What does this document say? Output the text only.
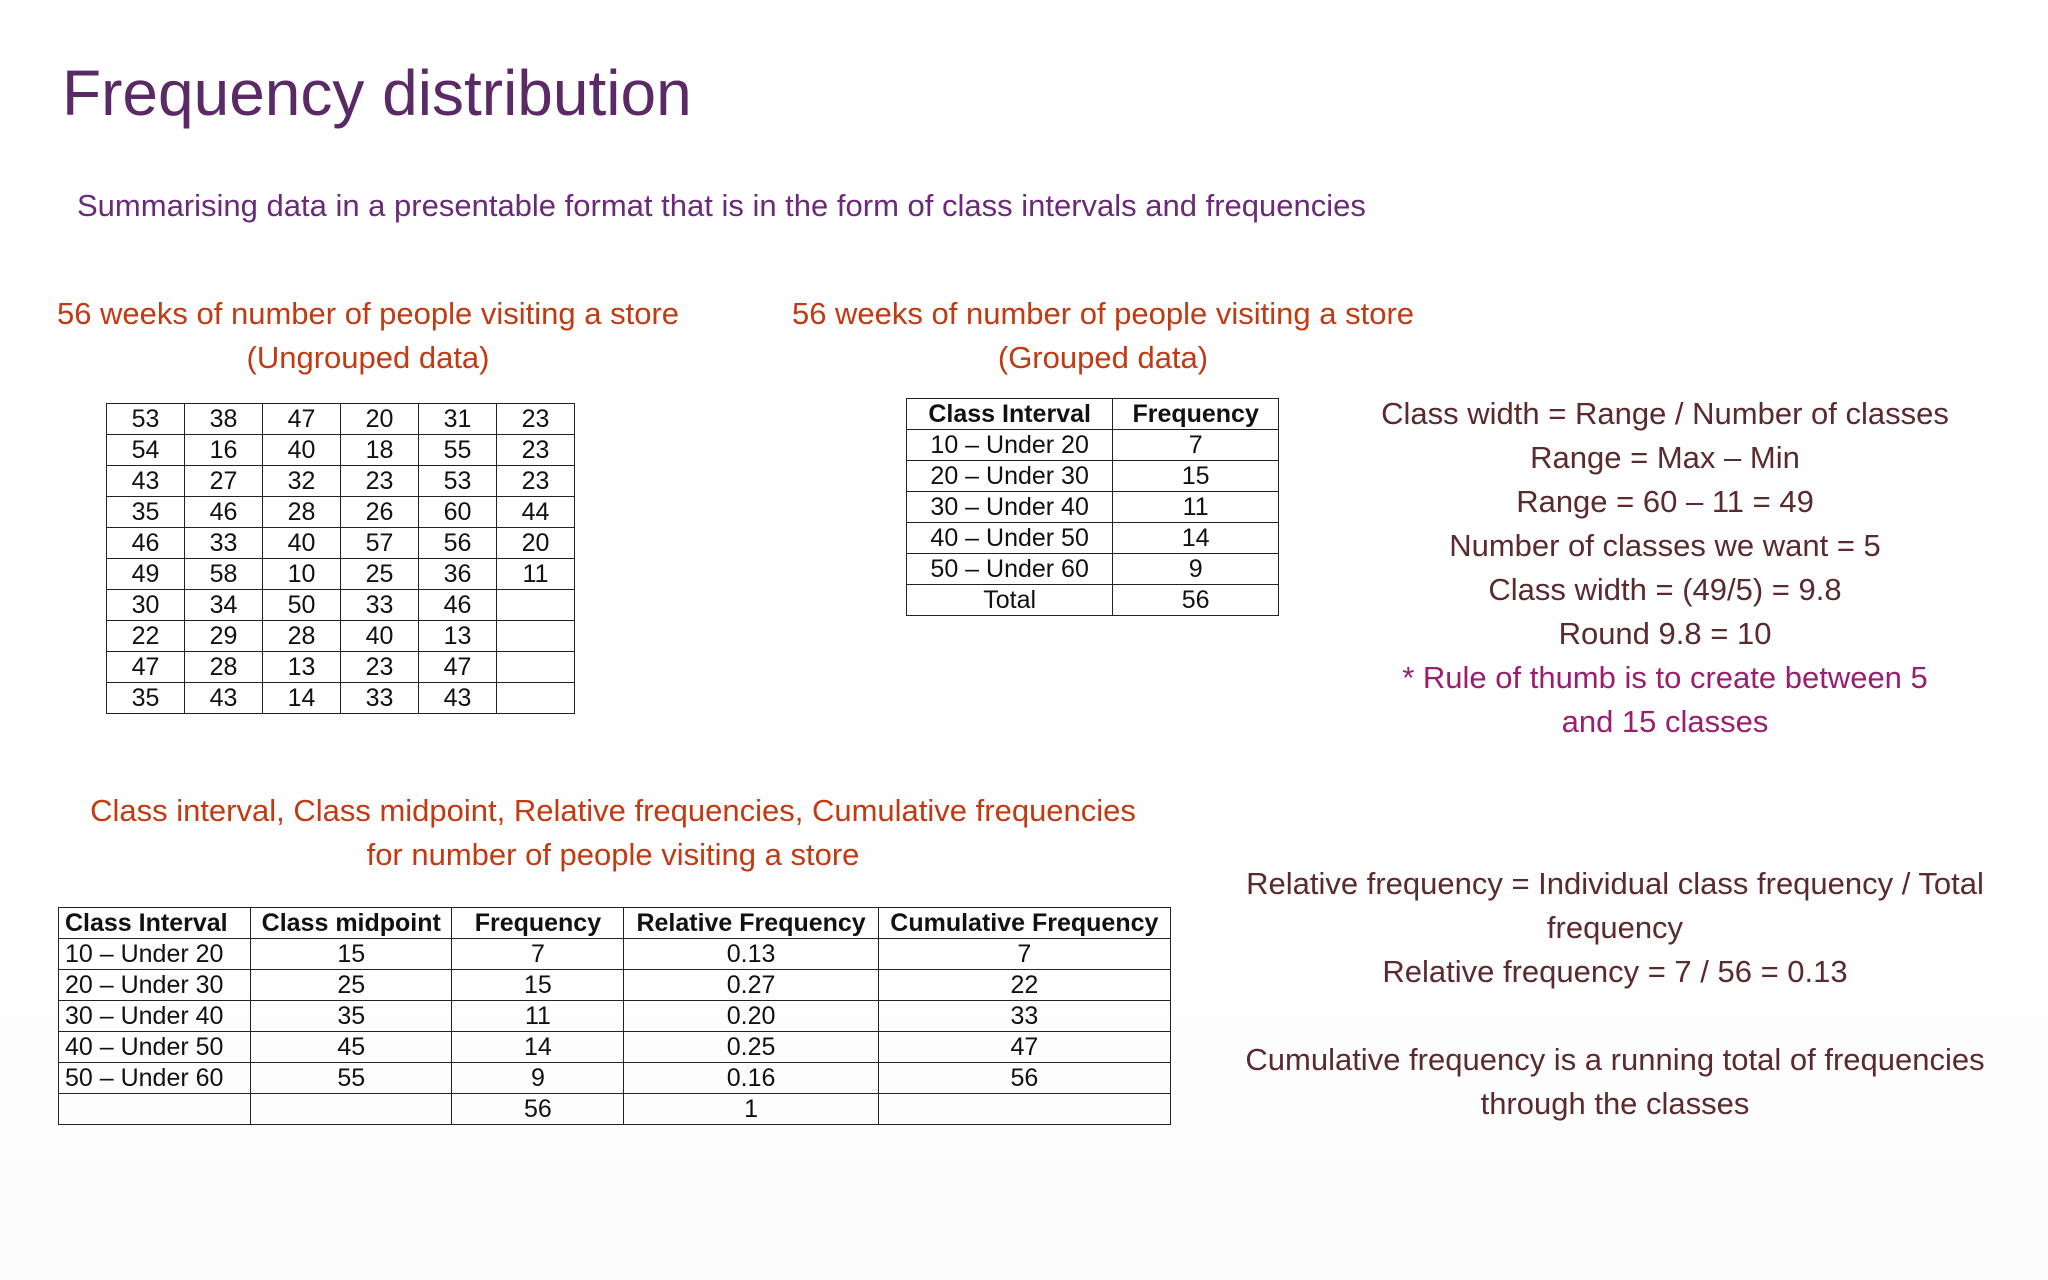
Frequency distribution
Summarising data in a presentable format that is in the form of class intervals and frequencies
56 weeks of number of people visiting a store
(Ungrouped data)
53	38	47	20	31	23
54	16	40	18	55	23
43	27	32	23	53	23
35	46	28	26	60	44
46	33	40	57	56	20
49	58	10	25	36	11
30	34	50	33	46	
22	29	28	40	13	
47	28	13	23	47	
35	43	14	33	43	
56 weeks of number of people visiting a store
(Grouped data)
Class Interval	Frequency
10 – Under 20	7
20 – Under 30	15
30 – Under 40	11
40 – Under 50	14
50 – Under 60	9
Total	56
Class width = Range / Number of classes
Range = Max – Min
Range = 60 – 11 = 49
Number of classes we want = 5
Class width = (49/5) = 9.8
Round 9.8 = 10
* Rule of thumb is to create between 5
and 15 classes
Class interval, Class midpoint, Relative frequencies, Cumulative frequencies
for number of people visiting a store
Class Interval	Class midpoint	Frequency	Relative Frequency	Cumulative Frequency
10 – Under 20	15	7	0.13	7
20 – Under 30	25	15	0.27	22
30 – Under 40	35	11	0.20	33
40 – Under 50	45	14	0.25	47
50 – Under 60	55	9	0.16	56
		56	1	
Relative frequency = Individual class frequency / Total
frequency
Relative frequency = 7 / 56 = 0.13
Cumulative frequency is a running total of frequencies
through the classes
